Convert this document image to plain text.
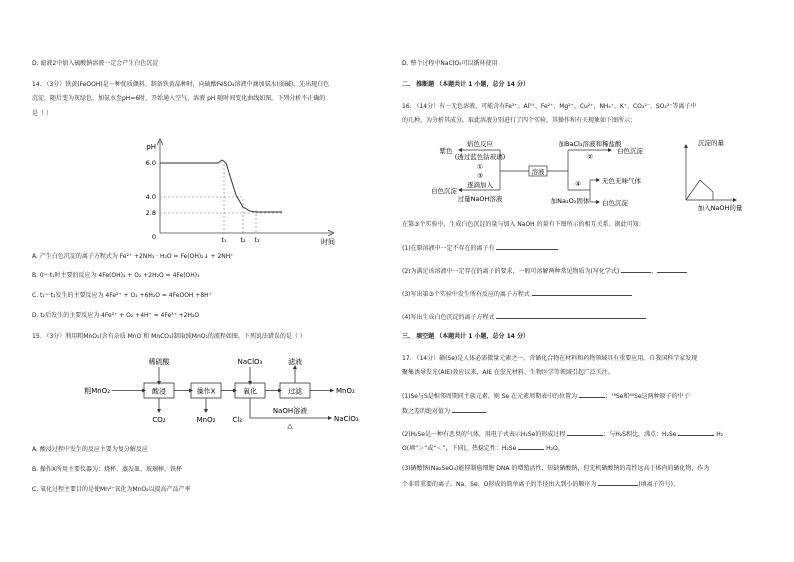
D. 滤液2中加入硫酸钠溶液一定会产生白色沉淀
14. （3分）铁黄(FeOOH)是一种优质颜料。制备铁黄晶种时，向硫酸FeSO₄溶液中滴加氨水(弱碱)，先出现白色
沉淀，随后变为灰绿色。加氨水至pH=6时，开始通入空气，溶液 pH 随时间变化曲线如图。下列分析不正确的
是（ ）
pH
6.0
4.0
2.8
0	t₁ t₂ t₃	时间
A. 产生白色沉淀的离子方程式为 Fe²⁺ +2NH₃ · H₂O = Fe(OH)₂↓ + 2NH⁺
B. 0～t₁时主要的反应为 4Fe(OH)₂ + O₂ +2H₂O = 4Fe(OH)₃
C. t₁～t₂发生的主要反应为 4Fe²⁺ + O₂ +6H₂O = 4FeOOH +8H⁺
D. t₂后发生的主要反应为 4Fe²⁺ + O₂ +4H⁺ = 4Fe³⁺ +2H₂O
15. （3分）利用粗MnO₂(含有杂质 MnO 和 MnCO₃)制取纯MnO₂的流程如图。下列说法错误的是（ ）
稀硫酸	NaClO₃	滤液
粗MnO₂	酸浸	操作X	氧化	过滤	MnO₂
CO₂	MnO₂ Cl₂
NaOH溶液
△
NaClO₃
A. 酸浸过程中发生的反应主要为复分解反应
B. 操作X所用主要仪器为：烧杯、蒸发皿、玻璃棒、铁杯
C. 氧化过程主要目的是使Mn²⁺氧化为MnO₂以提高产品产率
D. 整个过程中NaClO₃可以循环使用
二、 推断题 （本题共计 1 小题，总分 14 分）
16. （14分）有一无色溶液，可能含有Fe³⁺、Al³⁺、Fe²⁺、Mg²⁺、Cu²⁺、NH₄⁺、K⁺、CO₃²⁻、SO₄²⁻等离子中
的几种，为分析其成分，取此溶液分别进行了四个实验，其操作和有关现象如下图所示：
紫色
焰色反应
(透过蓝色钴玻璃)
①
③
逐滴加入
过量NaOH溶液
白色沉淀
溶液
加BaCl₂溶液和稀盐酸
②
白色沉淀
④
加Na₂O₂固体
无色无味气体
白色沉淀
沉淀的量
加入NaOH的量
在第③个实验中，生成白色沉淀的量与加入 NaOH 的量有下图所示的相互关系。据此可知：
(1)在原溶液中一定不存在的离子有
(2)为满足该溶液中一定存在的离子的要求，一般可溶解两种常见物质为(写化学式)	、
(3)写出第③个实验中发生所有反应的离子方程式
(4)写出生成白色沉淀的离子方程式
三、 填空题 （本题共计 1 小题，总分 14 分）
17. （14分）硒(Se)是人体必需微量元素之一，含硒化合物在材料和药物领域具有重要应用。自我国科学家发现
聚集诱导发光(AIE)效应以来，AIE 在发光材料、生物医学等领域引起广泛关注。
(1)Se与S是相邻周期同主族元素，则 Se 在元素周期表中的位置为	；⁷⁸Se和⁸⁰Se这两种原子的中子
数之差的绝对值为
(2)H₂Se是一种有恶臭的气体，用电子式表示H₂Se的形成过程	；与H₂S相比，沸点：H₂Se	H₂
O(填“＞”或“＜”，下同)，热稳定性：H₂Se	H₂O。
(3)硒酸钠(Na₂SeO₄)能抑制癌细胞 DNA 的增殖活性，短缺硒酸钠，但无机硒酸钠的毒性远高于体内的硒化物，作为
个非常重要的离子。Na、Se、O形成的简单离子的半径由大到小的顺序为	(填离子符号)。
